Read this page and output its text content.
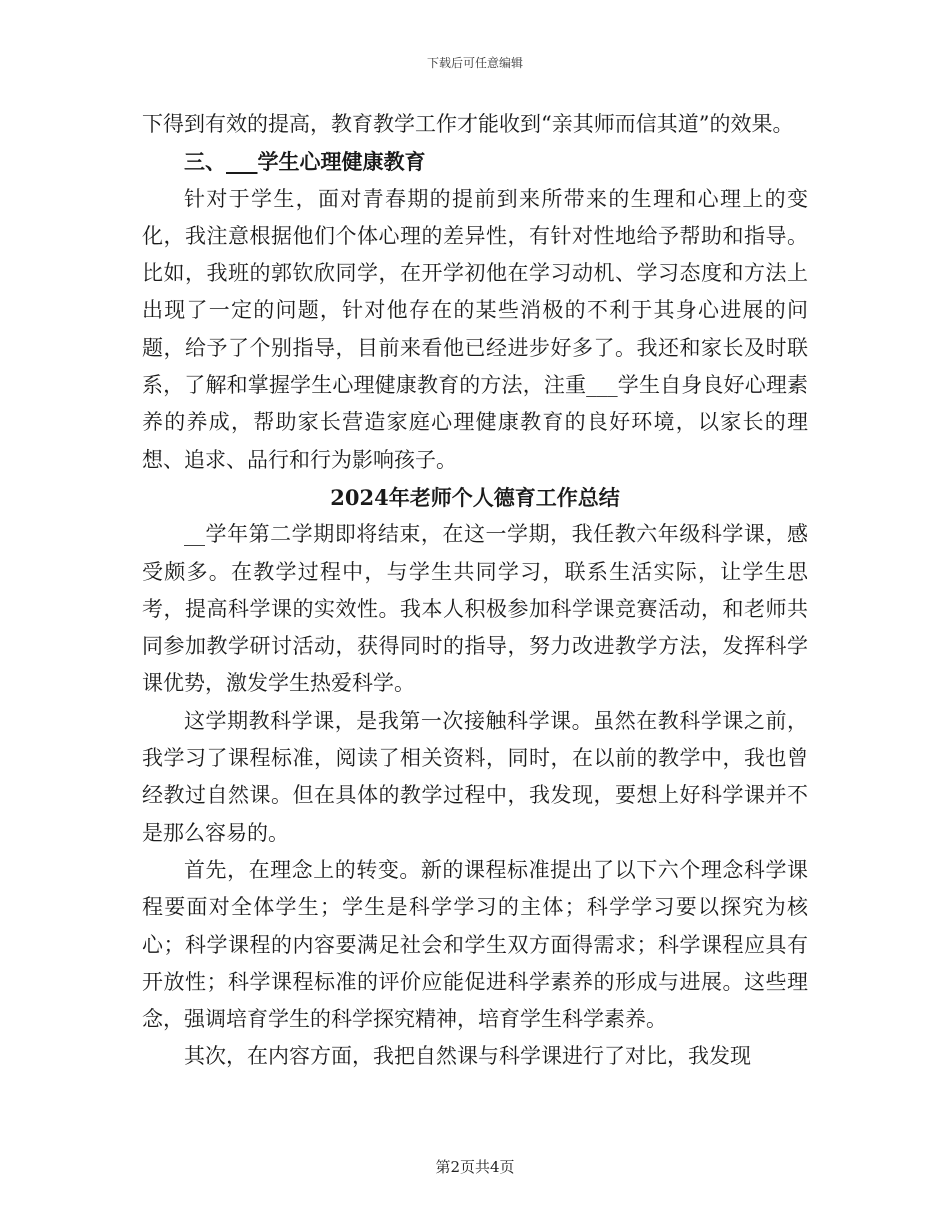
下载后可任意编辑

下得到有效的提高，教育教学工作才能收到“亲其师而信其道”的效果。

三、___学生心理健康教育

针对于学生，面对青春期的提前到来所带来的生理和心理上的变化，我注意根据他们个体心理的差异性，有针对性地给予帮助和指导。比如，我班的郭钦欣同学，在开学初他在学习动机、学习态度和方法上出现了一定的问题，针对他存在的某些消极的不利于其身心进展的问题，给予了个别指导，目前来看他已经进步好多了。我还和家长及时联系，了解和掌握学生心理健康教育的方法，注重___学生自身良好心理素养的养成，帮助家长营造家庭心理健康教育的良好环境，以家长的理想、追求、品行和行为影响孩子。

2024年老师个人德育工作总结

__学年第二学期即将结束，在这一学期，我任教六年级科学课，感受颇多。在教学过程中，与学生共同学习，联系生活实际，让学生思考，提高科学课的实效性。我本人积极参加科学课竞赛活动，和老师共同参加教学研讨活动，获得同时的指导，努力改进教学方法，发挥科学课优势，激发学生热爱科学。

这学期教科学课，是我第一次接触科学课。虽然在教科学课之前，我学习了课程标准，阅读了相关资料，同时，在以前的教学中，我也曾经教过自然课。但在具体的教学过程中，我发现，要想上好科学课并不是那么容易的。

首先，在理念上的转变。新的课程标准提出了以下六个理念科学课程要面对全体学生；学生是科学学习的主体；科学学习要以探究为核心；科学课程的内容要满足社会和学生双方面得需求；科学课程应具有开放性；科学课程标准的评价应能促进科学素养的形成与进展。这些理念，强调培育学生的科学探究精神，培育学生科学素养。

其次，在内容方面，我把自然课与科学课进行了对比，我发现

第2页共4页
